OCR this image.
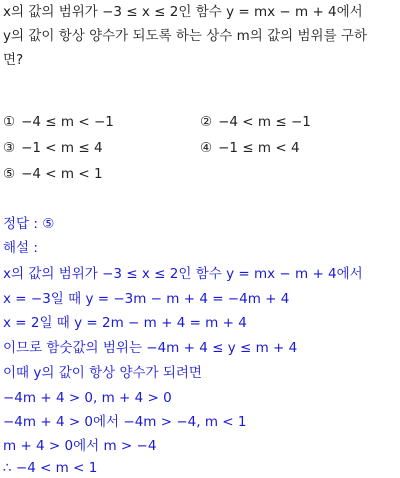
x의 값의 범위가 −3 ≤ x ≤ 2인 함수 y = mx − m + 4에서
y의 값이 항상 양수가 되도록 하는 상수 m의 값의 범위를 구하
면?
① −4 ≤ m < −1	② −4 < m ≤ −1
③ −1 < m ≤ 4	④ −1 ≤ m < 4
⑤ −4 < m < 1
정답 : ⑤
해설 :
x의 값의 범위가 −3 ≤ x ≤ 2인 함수 y = mx − m + 4에서
x = −3일 때 y = −3m − m + 4 = −4m + 4
x = 2일 때 y = 2m − m + 4 = m + 4
이므로 함숫값의 범위는 −4m + 4 ≤ y ≤ m + 4
이때 y의 값이 항상 양수가 되려면
−4m + 4 > 0, m + 4 > 0
−4m + 4 > 0에서 −4m > −4, m < 1
m + 4 > 0에서 m > −4
∴ −4 < m < 1
